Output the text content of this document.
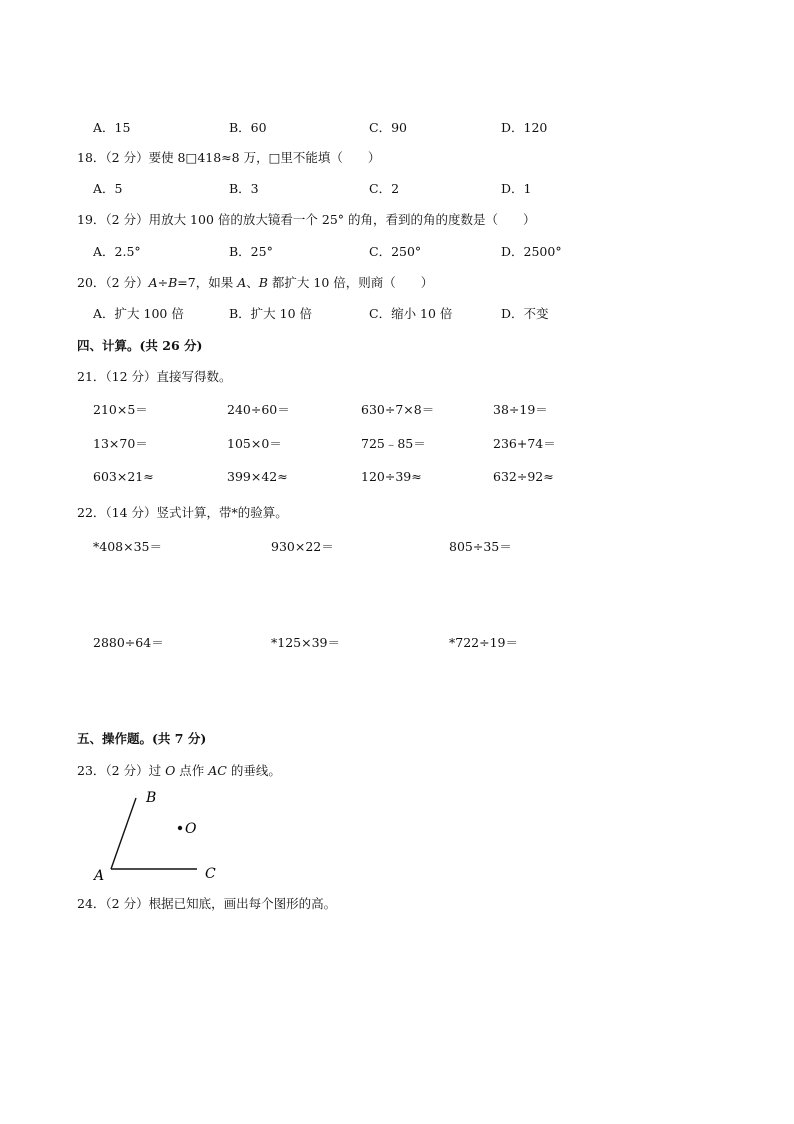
A．15	B．60	C．90	D．120
18．（2 分）要使 8□418≈8 万，□里不能填（　　）
A．5	B．3	C．2	D．1
19．（2 分）用放大 100 倍的放大镜看一个 25° 的角，看到的角的度数是（　　）
A．2.5°	B．25°	C．250°	D．2500°
20．（2 分）A÷B=7，如果 A、B 都扩大 10 倍，则商（　　）
A．扩大 100 倍	B．扩大 10 倍	C．缩小 10 倍	D．不变
四、计算。(共 26 分)
21．（12 分）直接写得数。
210×5＝	240÷60＝	630÷7×8＝	38÷19＝
13×70＝	105×0＝	725﹣85＝	236+74＝
603×21≈	399×42≈	120÷39≈	632÷92≈
22．（14 分）竖式计算，带*的验算。
*408×35＝	930×22＝	805÷35＝
2880÷64＝	*125×39＝	*722÷19＝
五、操作题。(共 7 分)
23．（2 分）过 O 点作 AC 的垂线。
B
O
A	C
24．（2 分）根据已知底，画出每个图形的高。
